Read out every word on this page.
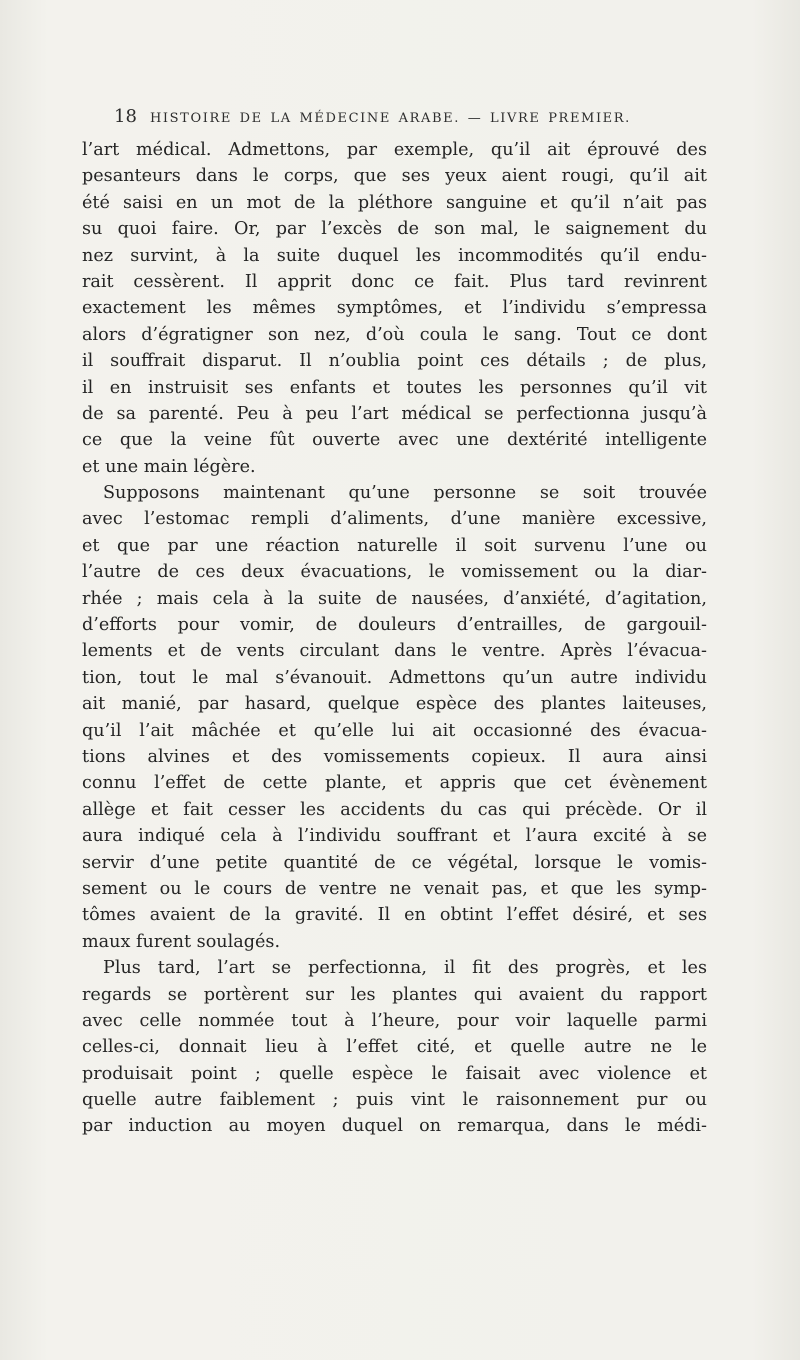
18	HISTOIRE DE LA MÉDECINE ARABE. — LIVRE PREMIER.
l’art médical. Admettons, par exemple, qu’il ait éprouvé des
pesanteurs dans le corps, que ses yeux aient rougi, qu’il ait
été saisi en un mot de la pléthore sanguine et qu’il n’ait pas
su quoi faire. Or, par l’excès de son mal, le saignement du
nez survint, à la suite duquel les incommodités qu’il endu-
rait cessèrent. Il apprit donc ce fait. Plus tard revinrent
exactement les mêmes symptômes, et l’individu s’empressa
alors d’égratigner son nez, d’où coula le sang. Tout ce dont
il souffrait disparut. Il n’oublia point ces détails ; de plus,
il en instruisit ses enfants et toutes les personnes qu’il vit
de sa parenté. Peu à peu l’art médical se perfectionna jusqu’à
ce que la veine fût ouverte avec une dextérité intelligente
et une main légère.
Supposons maintenant qu’une personne se soit trouvée
avec l’estomac rempli d’aliments, d’une manière excessive,
et que par une réaction naturelle il soit survenu l’une ou
l’autre de ces deux évacuations, le vomissement ou la diar-
rhée ; mais cela à la suite de nausées, d’anxiété, d’agitation,
d’efforts pour vomir, de douleurs d’entrailles, de gargouil-
lements et de vents circulant dans le ventre. Après l’évacua-
tion, tout le mal s’évanouit. Admettons qu’un autre individu
ait manié, par hasard, quelque espèce des plantes laiteuses,
qu’il l’ait mâchée et qu’elle lui ait occasionné des évacua-
tions alvines et des vomissements copieux. Il aura ainsi
connu l’effet de cette plante, et appris que cet évènement
allège et fait cesser les accidents du cas qui précède. Or il
aura indiqué cela à l’individu souffrant et l’aura excité à se
servir d’une petite quantité de ce végétal, lorsque le vomis-
sement ou le cours de ventre ne venait pas, et que les symp-
tômes avaient de la gravité. Il en obtint l’effet désiré, et ses
maux furent soulagés.
Plus tard, l’art se perfectionna, il fit des progrès, et les
regards se portèrent sur les plantes qui avaient du rapport
avec celle nommée tout à l’heure, pour voir laquelle parmi
celles-ci, donnait lieu à l’effet cité, et quelle autre ne le
produisait point ; quelle espèce le faisait avec violence et
quelle autre faiblement ; puis vint le raisonnement pur ou
par induction au moyen duquel on remarqua, dans le médi-
